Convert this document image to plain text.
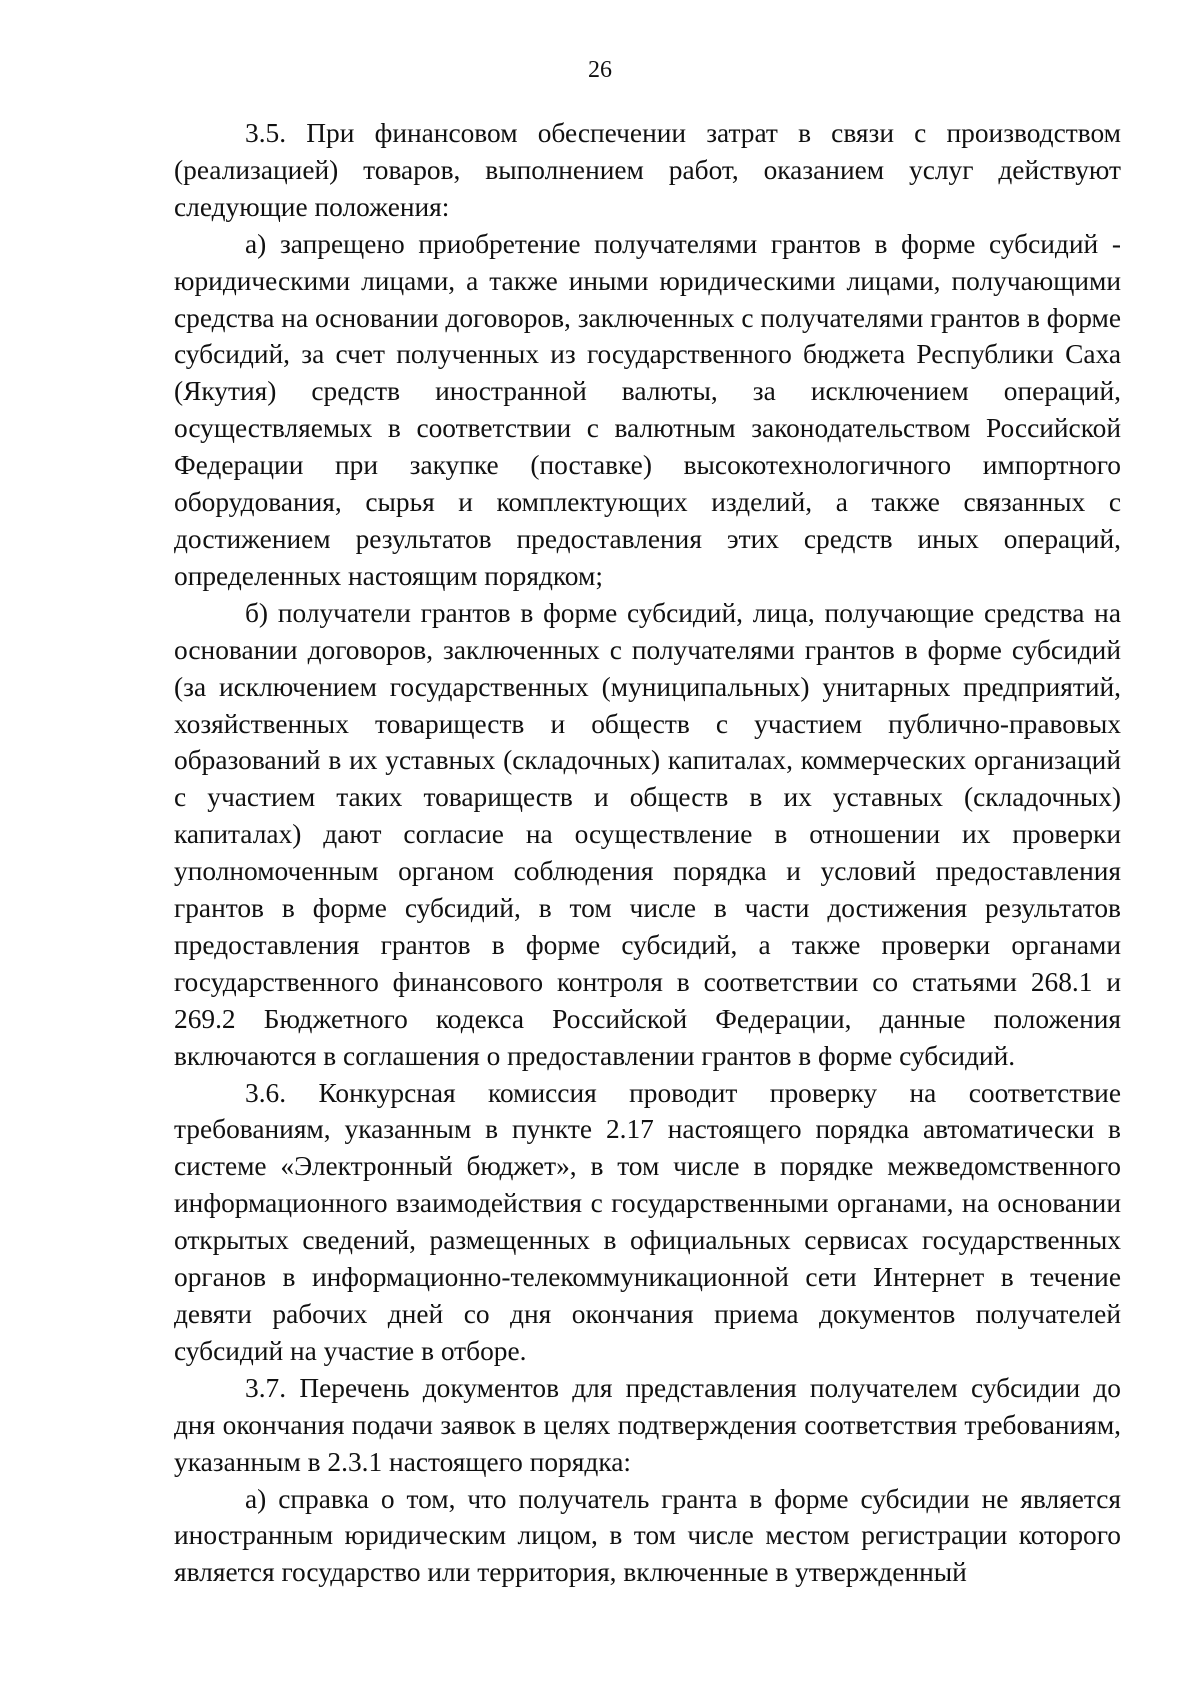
26

3.5. При финансовом обеспечении затрат в связи с производством (реализацией) товаров, выполнением работ, оказанием услуг действуют следующие положения:

а) запрещено приобретение получателями грантов в форме субсидий - юридическими лицами, а также иными юридическими лицами, получающими средства на основании договоров, заключенных с получателями грантов в форме субсидий, за счет полученных из государственного бюджета Республики Саха (Якутия) средств иностранной валюты, за исключением операций, осуществляемых в соответствии с валютным законодательством Российской Федерации при закупке (поставке) высокотехнологичного импортного оборудования, сырья и комплектующих изделий, а также связанных с достижением результатов предоставления этих средств иных операций, определенных настоящим порядком;

б) получатели грантов в форме субсидий, лица, получающие средства на основании договоров, заключенных с получателями грантов в форме субсидий (за исключением государственных (муниципальных) унитарных предприятий, хозяйственных товариществ и обществ с участием публично-правовых образований в их уставных (складочных) капиталах, коммерческих организаций с участием таких товариществ и обществ в их уставных (складочных) капиталах) дают согласие на осуществление в отношении их проверки уполномоченным органом соблюдения порядка и условий предоставления грантов в форме субсидий, в том числе в части достижения результатов предоставления грантов в форме субсидий, а также проверки органами государственного финансового контроля в соответствии со статьями 268.1 и 269.2 Бюджетного кодекса Российской Федерации, данные положения включаются в соглашения о предоставлении грантов в форме субсидий.

3.6. Конкурсная комиссия проводит проверку на соответствие требованиям, указанным в пункте 2.17 настоящего порядка автоматически в системе «Электронный бюджет», в том числе в порядке межведомственного информационного взаимодействия с государственными органами, на основании открытых сведений, размещенных в официальных сервисах государственных органов в информационно-телекоммуникационной сети Интернет в течение девяти рабочих дней со дня окончания приема документов получателей субсидий на участие в отборе.

3.7. Перечень документов для представления получателем субсидии до дня окончания подачи заявок в целях подтверждения соответствия требованиям, указанным в 2.3.1 настоящего порядка:

а) справка о том, что получатель гранта в форме субсидии не является иностранным юридическим лицом, в том числе местом регистрации которого является государство или территория, включенные в утвержденный
